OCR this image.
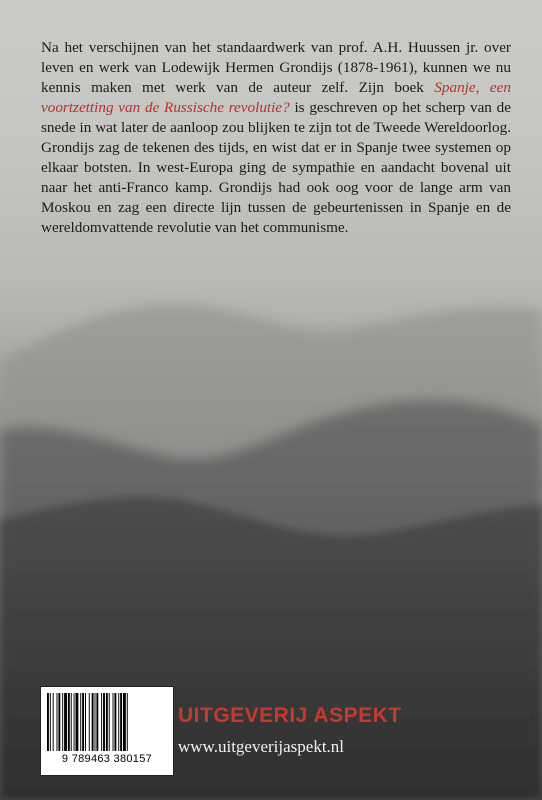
Na het verschijnen van het standaardwerk van prof. A.H. Huussen jr. over leven en werk van Lodewijk Hermen Grondijs (1878-1961), kunnen we nu kennis maken met werk van de auteur zelf. Zijn boek Spanje, een voortzetting van de Russische revolutie? is geschreven op het scherp van de snede in wat later de aanloop zou blijken te zijn tot de Tweede Wereldoorlog. Grondijs zag de tekenen des tijds, en wist dat er in Spanje twee systemen op elkaar botsten. In west-Europa ging de sympathie en aandacht bovenal uit naar het anti-Franco kamp. Grondijs had ook oog voor de lange arm van Moskou en zag een directe lijn tussen de gebeurtenissen in Spanje en de wereldomvattende revolutie van het communisme.

9 789463 380157
UITGEVERIJ ASPEKT
www.uitgeverijaspekt.nl
